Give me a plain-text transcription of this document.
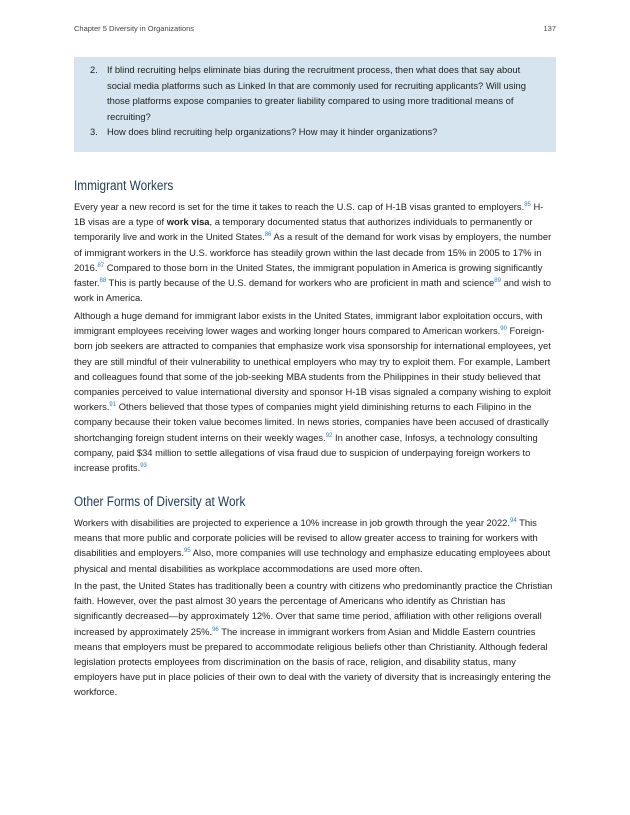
Chapter 5 Diversity in Organizations	137
2. If blind recruiting helps eliminate bias during the recruitment process, then what does that say about social media platforms such as Linked In that are commonly used for recruiting applicants? Will using those platforms expose companies to greater liability compared to using more traditional means of recruiting?
3. How does blind recruiting help organizations? How may it hinder organizations?
Immigrant Workers

Every year a new record is set for the time it takes to reach the U.S. cap of H-1B visas granted to employers.$^{85}$ H- 1B visas are a type of work visa, a temporary documented status that authorizes individuals to permanently or temporarily live and work in the United States.$^{86}$ As a result of the demand for work visas by employers, the number of immigrant workers in the U.S. workforce has steadily grown within the last decade from 15% in 2005 to 17% in 2016.87 Compared to those born in the United States, the immigrant population in America is growing significantly faster.$^{88}$ This is partly because of the U.S. demand for workers who are proficient in math and science$^{89}$ and wish to work in America.

Although a huge demand for immigrant labor exists in the United States, immigrant labor exploitation occurs, with immigrant employees receiving lower wages and working longer hours compared to American workers.$^{90}$ Foreign-born job seekers are attracted to companies that emphasize work visa sponsorship for international employees, yet they are still mindful of their vulnerability to unethical employers who may try to exploit them. For example, Lambert and colleagues found that some of the job-seeking MBA students from the Philippines in their study believed that companies perceived to value international diversity and sponsor H-1B visas signaled a company wishing to exploit workers.$^{91}$ Others believed that those types of companies might yield diminishing returns to each Filipino in the company because their token value becomes limited. In news stories, companies have been accused of drastically shortchanging foreign student interns on their weekly wages.$^{92}$ In another case, Infosys, a technology consulting company, paid $34 million to settle allegations of visa fraud due to suspicion of underpaying foreign workers to increase profits.$^{93}$

Other Forms of Diversity at Work

Workers with disabilities are projected to experience a 10% increase in job growth through the year 2022.94 This means that more public and corporate policies will be revised to allow greater access to training for workers with disabilities and employers.$^{95}$ Also, more companies will use technology and emphasize educating employees about physical and mental disabilities as workplace accommodations are used more often.

In the past, the United States has traditionally been a country with citizens who predominantly practice the Christian faith. However, over the past almost 30 years the percentage of Americans who identify as Christian has significantly decreased—by approximately 12%. Over that same time period, affiliation with other religions overall increased by approximately 25%.$^{96}$ The increase in immigrant workers from Asian and Middle Eastern countries means that employers must be prepared to accommodate religious beliefs other than Christianity. Although federal legislation protects employees from discrimination on the basis of race, religion, and disability status, many employers have put in place policies of their own to deal with the variety of diversity that is increasingly entering the workforce.
